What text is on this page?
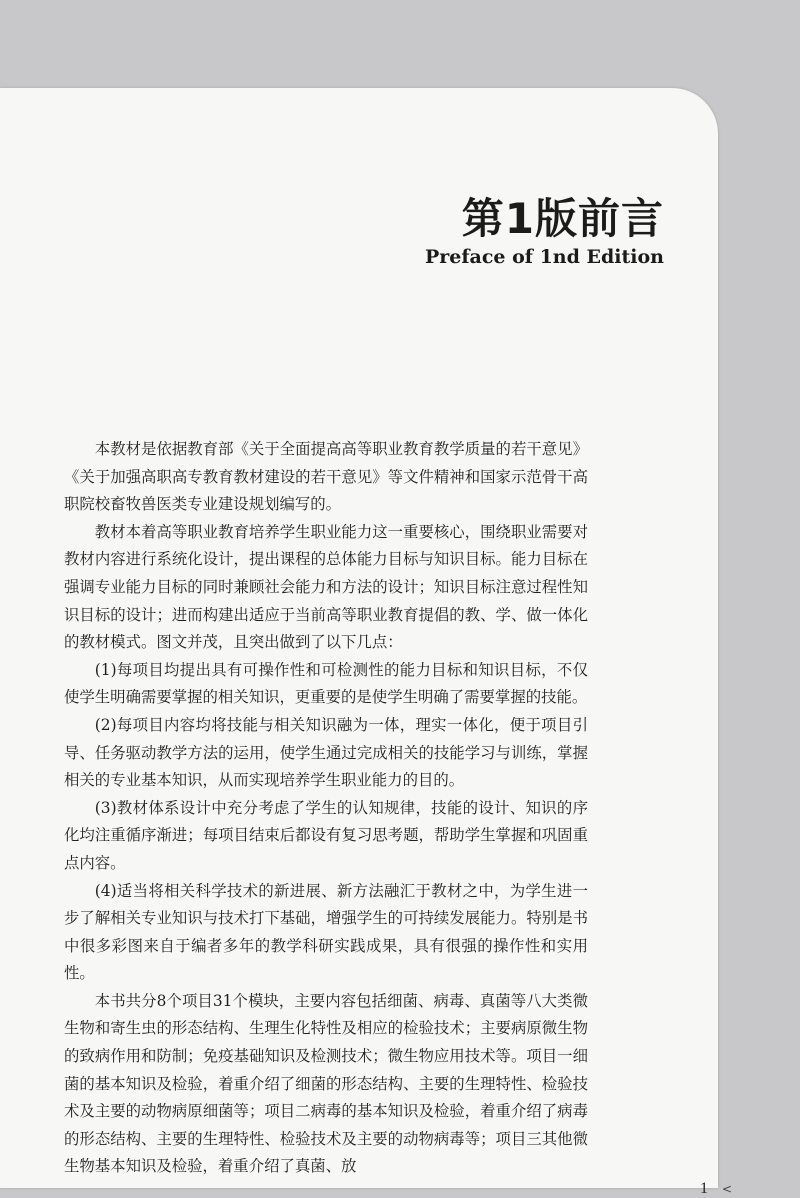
第1版前言
Preface of 1nd Edition

本教材是依据教育部《关于全面提高高等职业教育教学质量的若干意见》《关于加强高职高专教育教材建设的若干意见》等文件精神和国家示范骨干高职院校畜牧兽医类专业建设规划编写的。

教材本着高等职业教育培养学生职业能力这一重要核心，围绕职业需要对教材内容进行系统化设计，提出课程的总体能力目标与知识目标。能力目标在强调专业能力目标的同时兼顾社会能力和方法的设计；知识目标注意过程性知识目标的设计；进而构建出适应于当前高等职业教育提倡的教、学、做一体化的教材模式。图文并茂，且突出做到了以下几点：

(1)每项目均提出具有可操作性和可检测性的能力目标和知识目标，不仅使学生明确需要掌握的相关知识，更重要的是使学生明确了需要掌握的技能。

(2)每项目内容均将技能与相关知识融为一体，理实一体化，便于项目引导、任务驱动教学方法的运用，使学生通过完成相关的技能学习与训练，掌握相关的专业基本知识，从而实现培养学生职业能力的目的。

(3)教材体系设计中充分考虑了学生的认知规律，技能的设计、知识的序化均注重循序渐进；每项目结束后都设有复习思考题，帮助学生掌握和巩固重点内容。

(4)适当将相关科学技术的新进展、新方法融汇于教材之中，为学生进一步了解相关专业知识与技术打下基础，增强学生的可持续发展能力。特别是书中很多彩图来自于编者多年的教学科研实践成果，具有很强的操作性和实用性。

本书共分8个项目31个模块，主要内容包括细菌、病毒、真菌等八大类微生物和寄生虫的形态结构、生理生化特性及相应的检验技术；主要病原微生物的致病作用和防制；免疫基础知识及检测技术；微生物应用技术等。项目一细菌的基本知识及检验，着重介绍了细菌的形态结构、主要的生理特性、检验技术及主要的动物病原细菌等；项目二病毒的基本知识及检验，着重介绍了病毒的形态结构、主要的生理特性、检验技术及主要的动物病毒等；项目三其他微生物基本知识及检验，着重介绍了真菌、放

1 <
